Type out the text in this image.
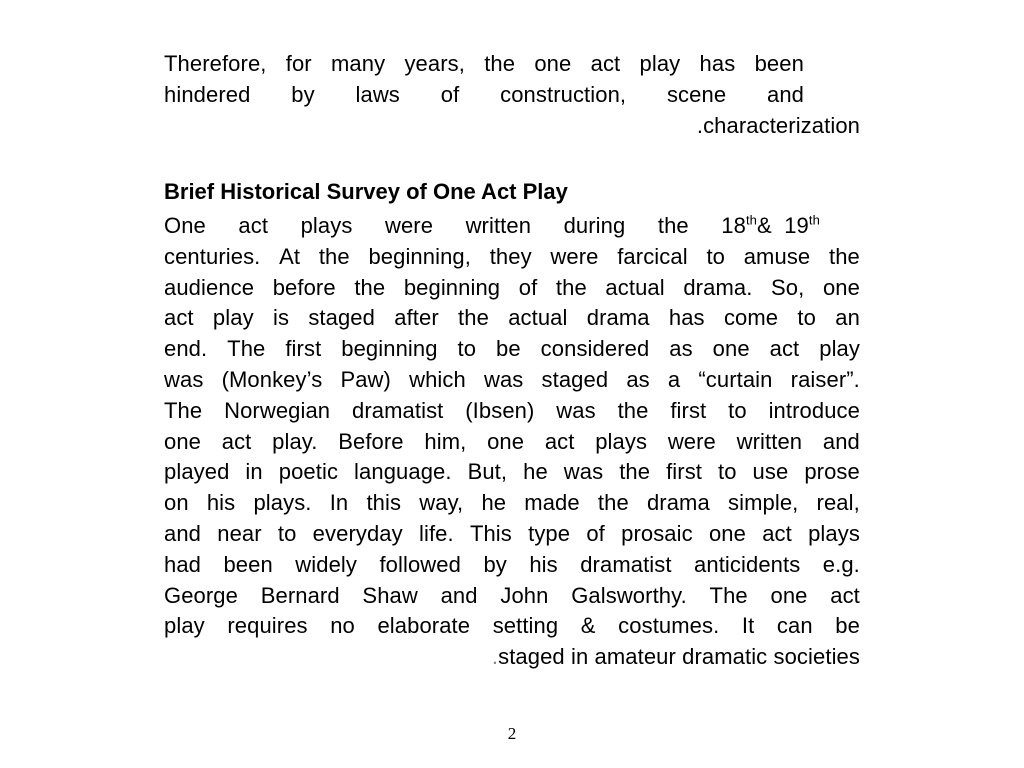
Therefore, for many years, the one act play has been
hindered by laws of construction, scene and
.characterization
Brief Historical Survey of One Act Play
One act plays were written during the 18th&  19th
centuries. At the beginning, they were farcical to amuse the
audience before the beginning of the actual drama. So, one
act play is staged after the actual drama has come to an
end. The first beginning to be considered as one act play
was (Monkey’s Paw) which was staged as a “curtain raiser”.
The Norwegian dramatist (Ibsen) was the first to introduce
one act play. Before him, one act plays were written and
played in poetic language. But, he was the first to use prose
on his plays. In this way, he made the drama simple, real,
and near to everyday life. This type of prosaic one act plays
had been widely followed by his dramatist anticidents e.g.
George Bernard Shaw and John Galsworthy. The one act
play requires no elaborate setting & costumes. It can be
.staged in amateur dramatic societies
2
